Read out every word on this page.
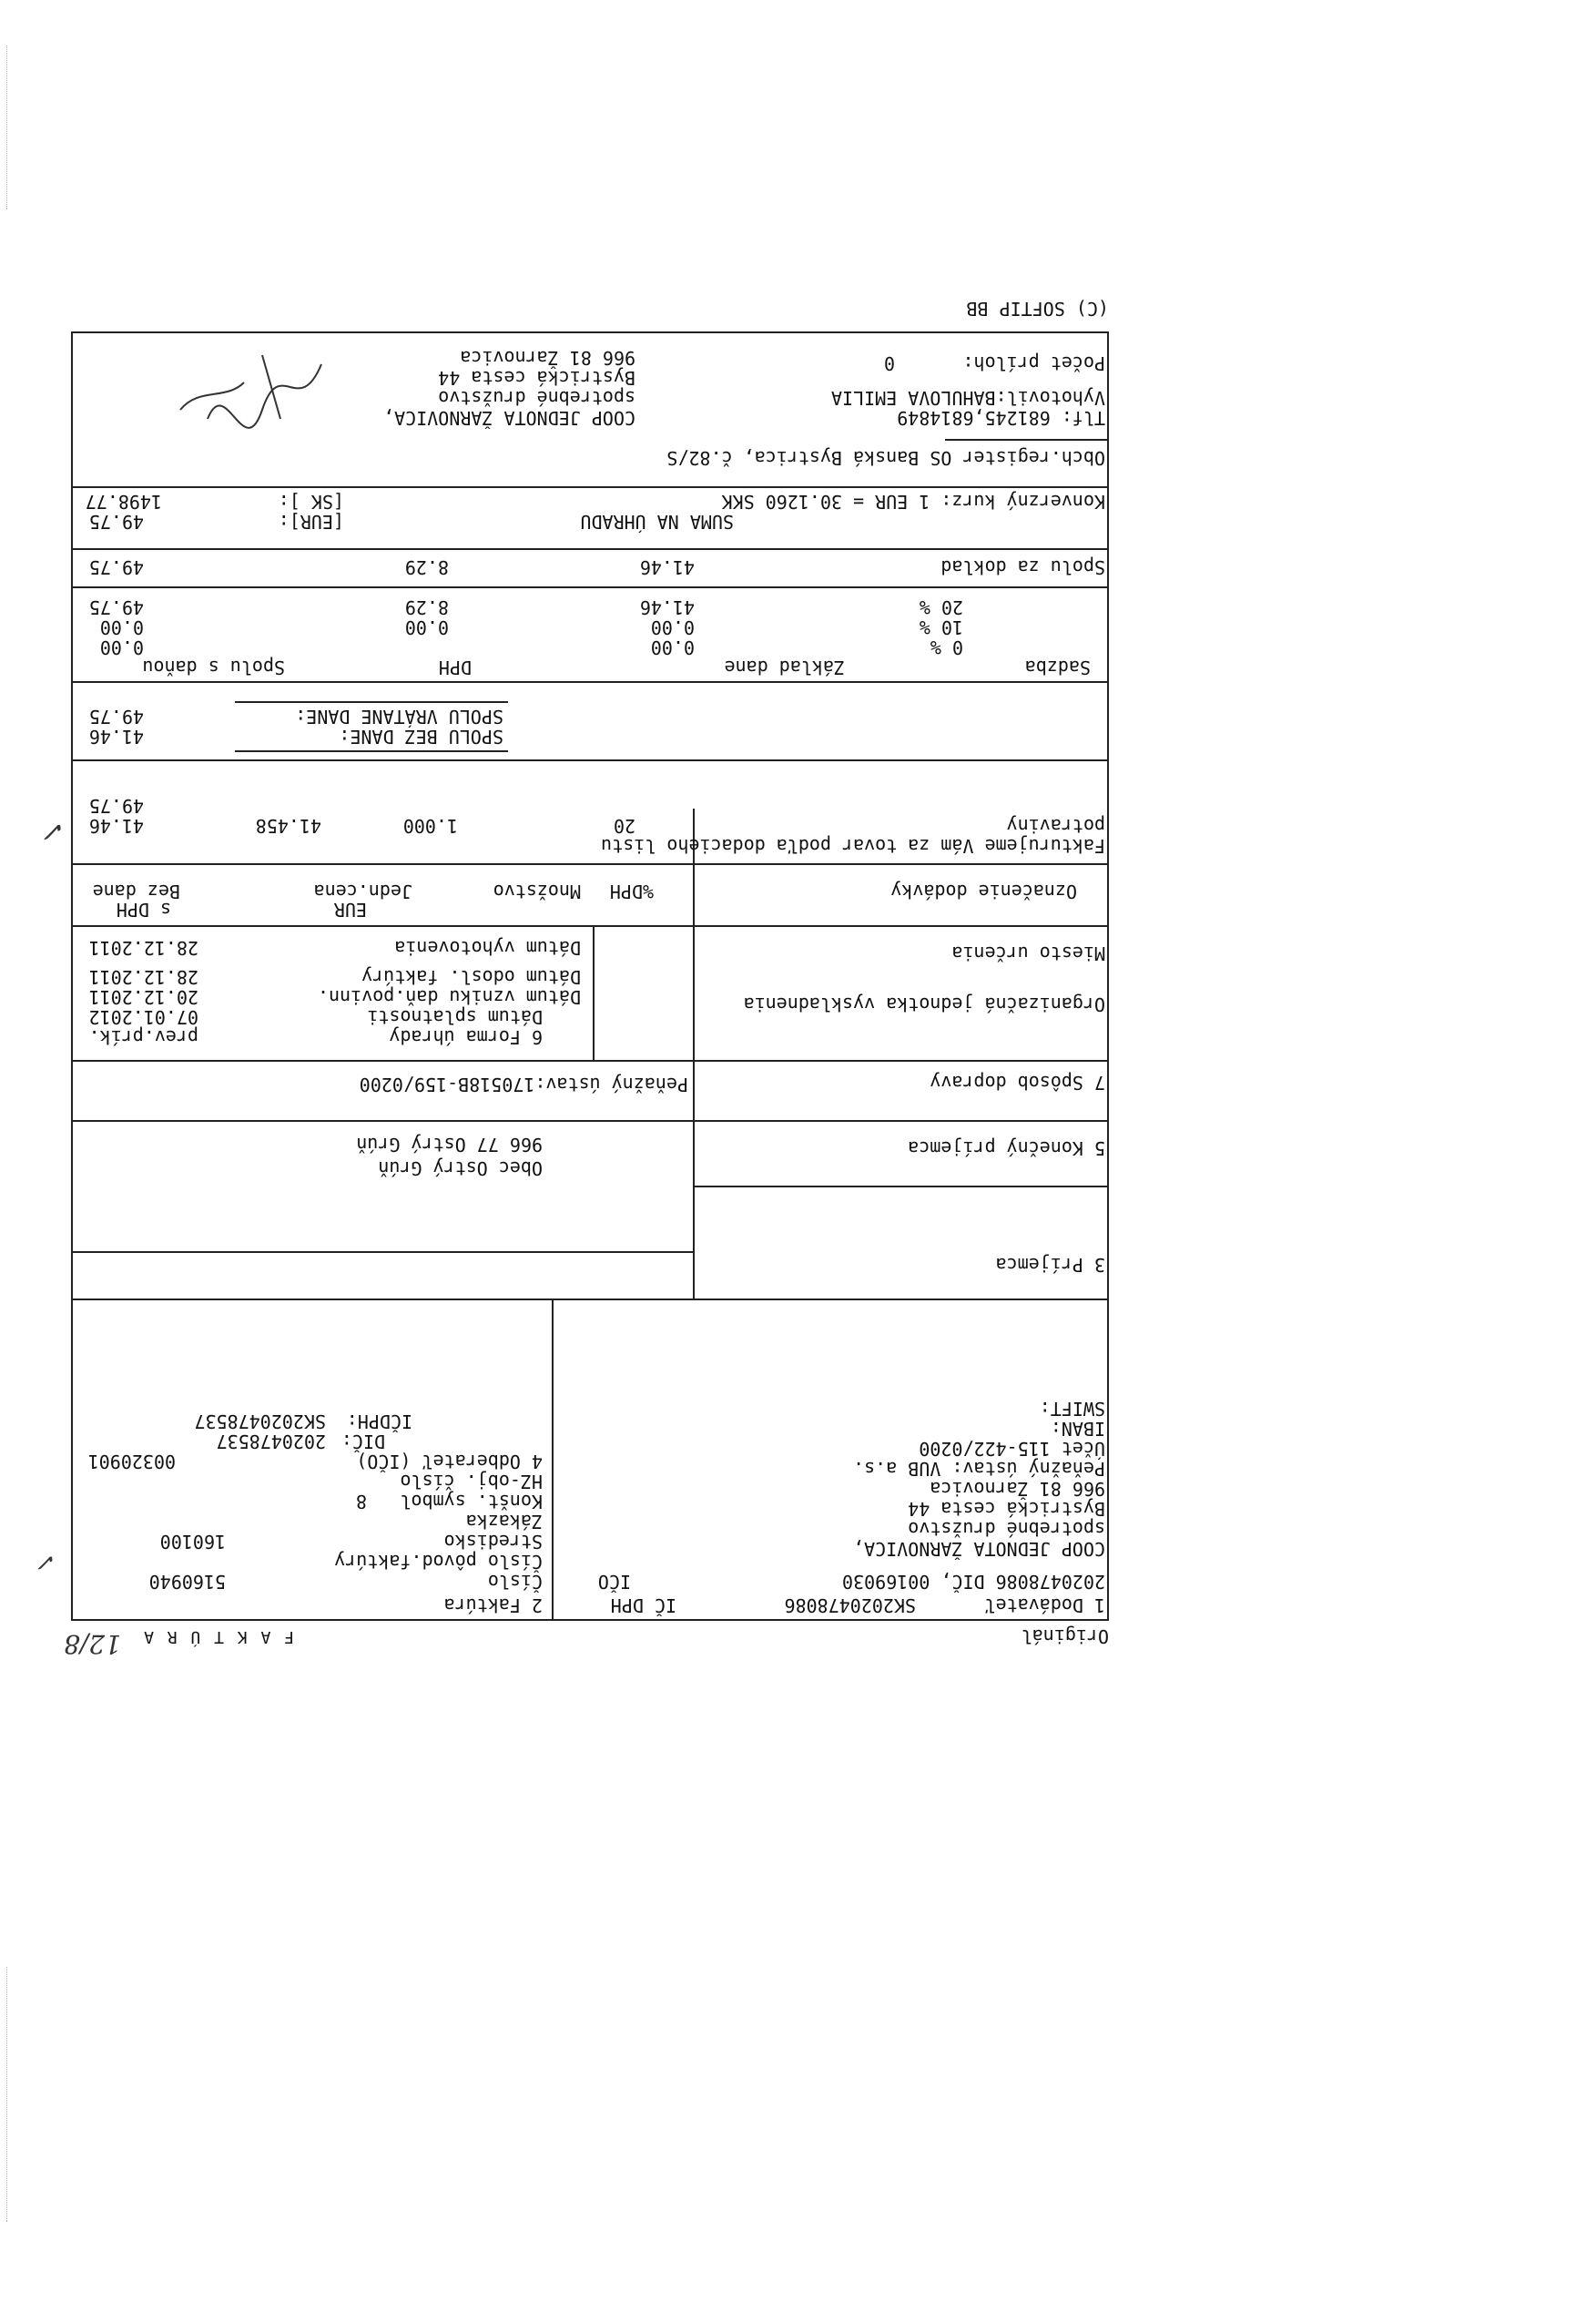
Originál
F A K T Ú R A
12/8
1 Dodávateľ
SK2020478086
IČ DPH
2020478086 DIČ, 00169030
IČO
COOP JEDNOTA ŽARNOVICA,
spotrebné družstvo
Bystrická cesta 44
966 81 Žarnovica
Peňažný ústav: VUB a.s.
Účet 115-422/0200
IBAN:
SWIFT:
2 Faktúra
Číslo
5160940
Číslo pôvod.faktúry
Stredisko
160100
Zákazka
Konšt. symbol
8
HZ-obj. číslo
4 Odberateľ (IČO)
00320901
DIČ:
2020478537
IČDPH:
SK2020478537
3 Príjemca
5 Konečný príjemca
Obec Ostrý Grúň
966 77 Ostrý Grúň
7 Spôsob dopravy
Peňažný ústav:170518B-159/0200
Organizačná jednotka vyskladnenia
Miesto určenia
6 Forma úhrady
prev.prík.
Dátum splatnosti
07.01.2012
Dátum vzniku daň.povinn.
20.12.2011
Dátum odosl. faktúry
28.12.2011
Dátum vyhotovenia
28.12.2011
Označenie dodávky
%DPH
Množstvo
Jedn.cena
EUR
Bez dane
s DPH
Fakturujeme Vám za tovar podľa dodacieho listu
potraviny
20
1.000
41.458
41.46
49.75
SPOLU BEZ DANE:
41.46
SPOLU VRÁTANE DANE:
49.75
Sadzba
Základ dane
DPH
Spolu s daňou
0 %
0.00
0.00
10 %
0.00
0.00
0.00
20 %
41.46
8.29
49.75
Spolu za doklad
41.46
8.29
49.75
SUMA NA ÚHRADU
[EUR]:
49.75
Konverzný kurz: 1 EUR = 30.1260 SKK
[SK ]:
1498.77
Obch.register OS Banská Bystrica, č.82/S
Tlf: 681245,6814849
Vyhotovil:BAHULOVA EMILIA
Počet príloh:
0
COOP JEDNOTA ŽARNOVICA,
spotrebné družstvo
Bystrická cesta 44
966 81 Žarnovica
(C) SOFTIP BB
✓
✓
